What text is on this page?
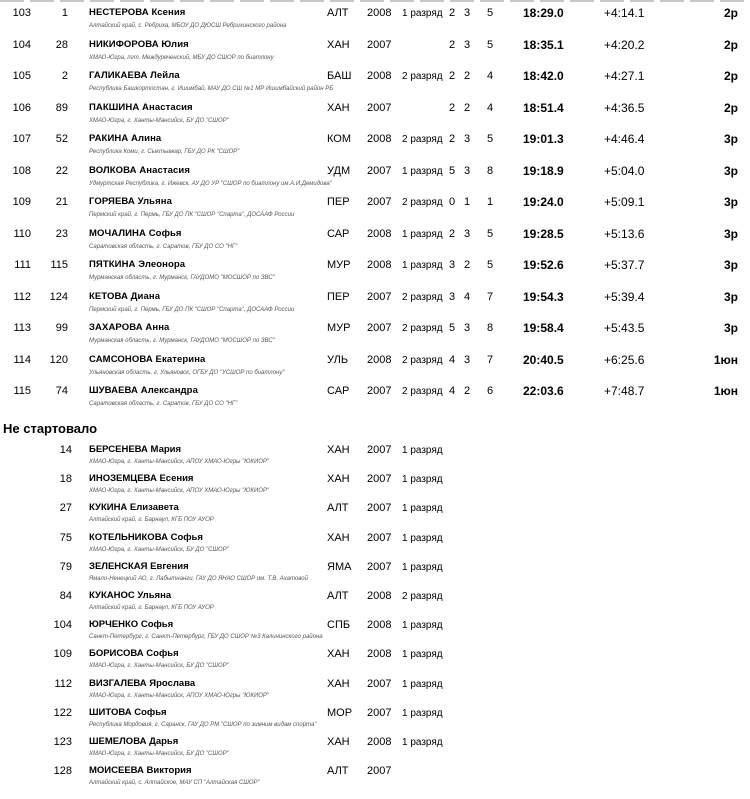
103	1 НЕСТЕРОВА Ксения
Алтайский край, с. Ребриха, МБОУ ДО ДЮСШ Ребрихинского района
АЛТ 2008 1 разряд 2 3	5	18:29.0	+4:14.1	2р
104	28 НИКИФОРОВА Юлия
ХМАО-Югра, пгт. Междуреченский, МБУ ДО СШОР по биатлону
ХАН 2007	2 3	5	18:35.1	+4:20.2	2р
105	2 ГАЛИКАЕВА Лейла
Республика Башкортостан, г. Ишимбай, МАУ ДО СШ №1 МР Ишимбайский район РБ
БАШ 2008 2 разряд 2 2	4	18:42.0	+4:27.1	2р
106	89 ПАКШИНА Анастасия
ХМАО-Югра, г. Ханты-Мансийск, БУ ДО "СШОР"
ХАН 2007	2 2	4	18:51.4	+4:36.5	2р
107	52 РАКИНА Алина
Республика Коми, г. Сыктывкар, ГБУ ДО РК "СШОР"
КОМ 2008 2 разряд 2 3	5	19:01.3	+4:46.4	3р
108	22 ВОЛКОВА Анастасия
Удмуртская Республика, г. Ижевск, АУ ДО УР "СШОР по биатлону им.А.И.Демидова"
УДМ 2007 1 разряд 5 3	8	19:18.9	+5:04.0	3р
109	21 ГОРЯЕВА Ульяна
Пермский край, г. Пермь, ГБУ ДО ПК "СШОР "Спарта", ДОСААФ России
ПЕР 2007 2 разряд 0 1	1	19:24.0	+5:09.1	3р
110	23 МОЧАЛИНА Софья
Саратовская область, г. Саратов, ГБУ ДО СО "НГ"
САР 2008 1 разряд 2 3	5	19:28.5	+5:13.6	3р
111	115 ПЯТКИНА Элеонора
Мурманская область, г. Мурманск, ГАУДОМО "МОСШОР по ЗВС"
МУР 2008 1 разряд 3 2	5	19:52.6	+5:37.7	3р
112	124 КЕТОВА Диана
Пермский край, г. Пермь, ГБУ ДО ПК "СШОР "Спарта", ДОСААФ России
ПЕР 2007 2 разряд 3 4	7	19:54.3	+5:39.4	3р
113	99 ЗАХАРОВА Анна
Мурманская область, г. Мурманск, ГАУДОМО "МОСШОР по ЗВС"
МУР 2007 2 разряд 5 3	8	19:58.4	+5:43.5	3р
114	120 САМСОНОВА Екатерина
Ульяновская область, г. Ульяновск, ОГБУ ДО "УСШОР по биатлону"
УЛЬ 2008 2 разряд 4 3	7	20:40.5	+6:25.6	1юн
115	74 ШУВАЕВА Александра
Саратовская область, г. Саратов, ГБУ ДО СО "НГ"
САР 2007 2 разряд 4 2	6	22:03.6	+7:48.7	1юн
Не стартовало
14 БЕРСЕНЕВА Мария
ХМАО-Югра, г. Ханты-Мансийск, АПОУ ХМАО-Югры "ЮКИОР"
ХАН 2007 1 разряд
18 ИНОЗЕМЦЕВА Есения
ХМАО-Югра, г. Ханты-Мансийск, АПОУ ХМАО-Югры "ЮКИОР"
ХАН 2007 1 разряд
27 КУКИНА Елизавета
Алтайский край, г. Барнаул, КГБ ПОУ АУОР
АЛТ 2007 1 разряд
75 КОТЕЛЬНИКОВА Софья
ХМАО-Югра, г. Ханты-Мансийск, БУ ДО "СШОР"
ХАН 2007 1 разряд
79 ЗЕЛЕНСКАЯ Евгения
Ямало-Ненецкий АО, г. Лабытнанги, ГАУ ДО ЯНАО СШОР им. Т.В. Ахатовой
ЯМА 2007 1 разряд
84 КУКАНОС Ульяна
Алтайский край, г. Барнаул, КГБ ПОУ АУОР
АЛТ 2008 2 разряд
104 ЮРЧЕНКО Софья
Санкт-Петербург, г. Санкт-Петербург, ГБУ ДО СШОР №3 Калининского района
СПБ 2008 1 разряд
109 БОРИСОВА Софья
ХМАО-Югра, г. Ханты-Мансийск, БУ ДО "СШОР"
ХАН 2008 1 разряд
112 ВИЗГАЛЕВА Ярослава
ХМАО-Югра, г. Ханты-Мансийск, АПОУ ХМАО-Югры "ЮКИОР"
ХАН 2007 1 разряд
122 ШИТОВА Софья
Республика Мордовия, г. Саранск, ГАУ ДО РМ "СШОР по зимним видам спорта"
МОР 2007 1 разряд
123 ШЕМЕЛОВА Дарья
ХМАО-Югра, г. Ханты-Мансийск, БУ ДО "СШОР"
ХАН 2008 1 разряд
128 МОИСЕЕВА Виктория
Алтайский край, с. Алтайское, МАУ СП "Алтайская СШОР"
АЛТ 2007
